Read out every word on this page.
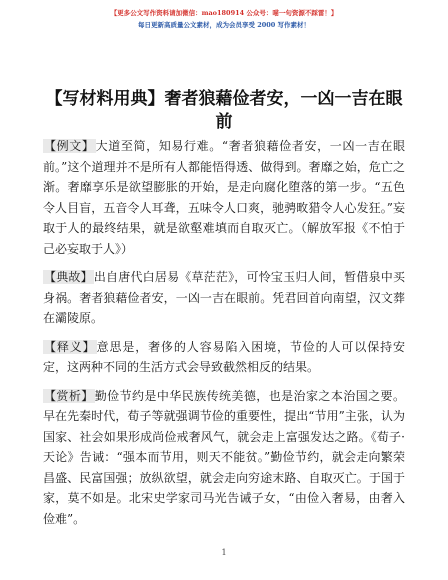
【更多公文写作资料请加微信：mao180914 公众号：喵一句资源不踩雷！】
每日更新高质量公文素材，成为会员享受 2000 写作素材！
【写材料用典】奢者狼藉俭者安，一凶一吉在眼前

【例文】大道至简，知易行难。“奢者狼藉俭者安，一凶一吉在眼前。”这个道理并不是所有人都能悟得透、做得到。奢靡之始，危亡之渐。奢靡享乐是欲望膨胀的开始，是走向腐化堕落的第一步。“五色令人目盲，五音令人耳聋，五味令人口爽，驰骋畋猎令人心发狂。”妄取于人的最终结果，就是欲壑难填而自取灭亡。（解放军报《不怕于己必妄取于人》）

【典故】出自唐代白居易《草茫茫》，可怜宝玉归人间，暂借泉中买身祸。奢者狼藉俭者安，一凶一吉在眼前。凭君回首向南望，汉文葬在灞陵原。

【释义】意思是，奢侈的人容易陷入困境，节俭的人可以保持安定，这两种不同的生活方式会导致截然相反的结果。

【赏析】勤俭节约是中华民族传统美德，也是治家之本治国之要。早在先秦时代，荀子等就强调节俭的重要性，提出“节用”主张，认为国家、社会如果形成尚俭戒奢风气，就会走上富强发达之路。《荀子·天论》告诫：“强本而节用，则天不能贫。”勤俭节约，就会走向繁荣昌盛、民富国强；放纵欲望，就会走向穷途末路、自取灭亡。于国于家，莫不如是。北宋史学家司马光告诫子女，“由俭入奢易，由奢入俭难”。

1
